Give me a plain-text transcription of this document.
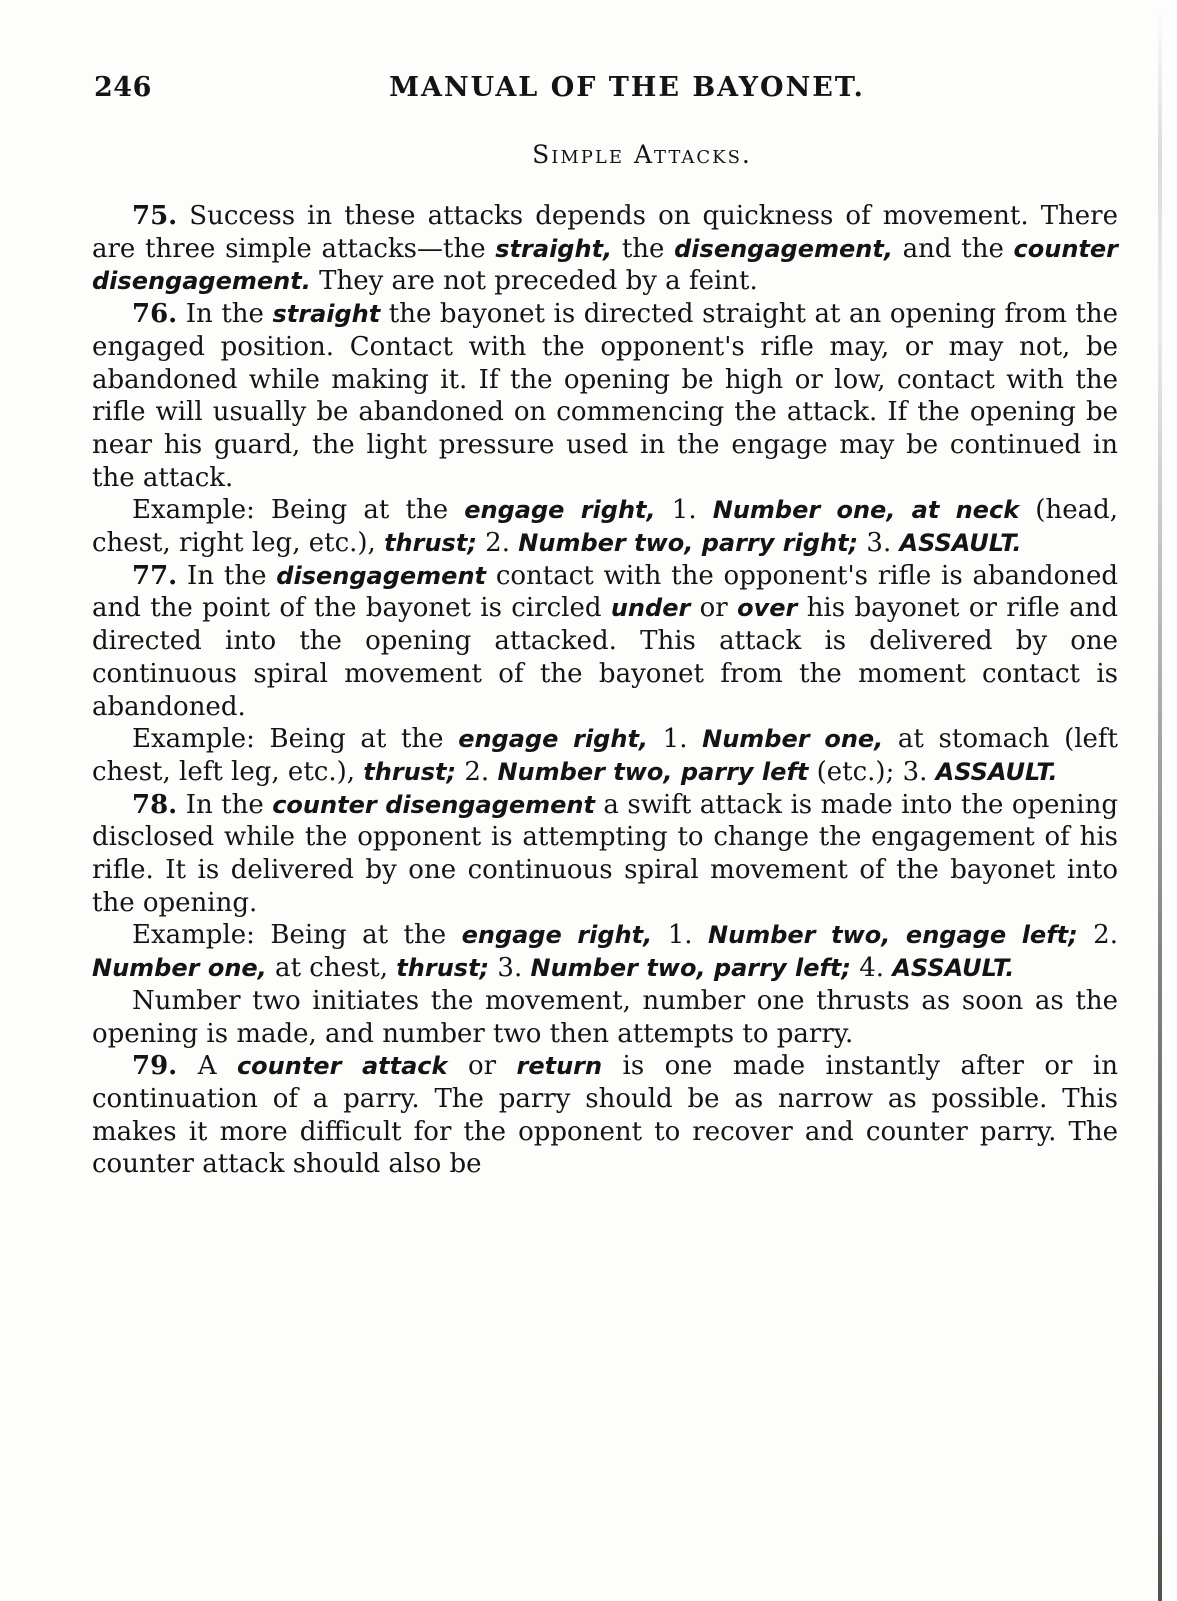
246	MANUAL OF THE BAYONET.
Simple Attacks.

75. Success in these attacks depends on quickness of movement. There are three simple attacks—the straight, the disengagement, and the counter disengagement. They are not preceded by a feint.

76. In the straight the bayonet is directed straight at an opening from the engaged position. Contact with the opponent's rifle may, or may not, be abandoned while making it. If the opening be high or low, contact with the rifle will usually be abandoned on commencing the attack. If the opening be near his guard, the light pressure used in the engage may be continued in the attack.

Example: Being at the engage right, 1. Number one, at neck (head, chest, right leg, etc.), thrust; 2. Number two, parry right; 3. ASSAULT.

77. In the disengagement contact with the opponent's rifle is abandoned and the point of the bayonet is circled under or over his bayonet or rifle and directed into the opening attacked. This attack is delivered by one continuous spiral movement of the bayonet from the moment contact is abandoned.

Example: Being at the engage right, 1. Number one, at stomach (left chest, left leg, etc.), thrust; 2. Number two, parry left (etc.); 3. ASSAULT.

78. In the counter disengagement a swift attack is made into the opening disclosed while the opponent is attempting to change the engagement of his rifle. It is delivered by one continuous spiral movement of the bayonet into the opening.

Example: Being at the engage right, 1. Number two, engage left; 2. Number one, at chest, thrust; 3. Number two, parry left; 4. ASSAULT.

Number two initiates the movement, number one thrusts as soon as the opening is made, and number two then attempts to parry.

79. A counter attack or return is one made instantly after or in continuation of a parry. The parry should be as narrow as possible. This makes it more difficult for the opponent to recover and counter parry. The counter attack should also be
